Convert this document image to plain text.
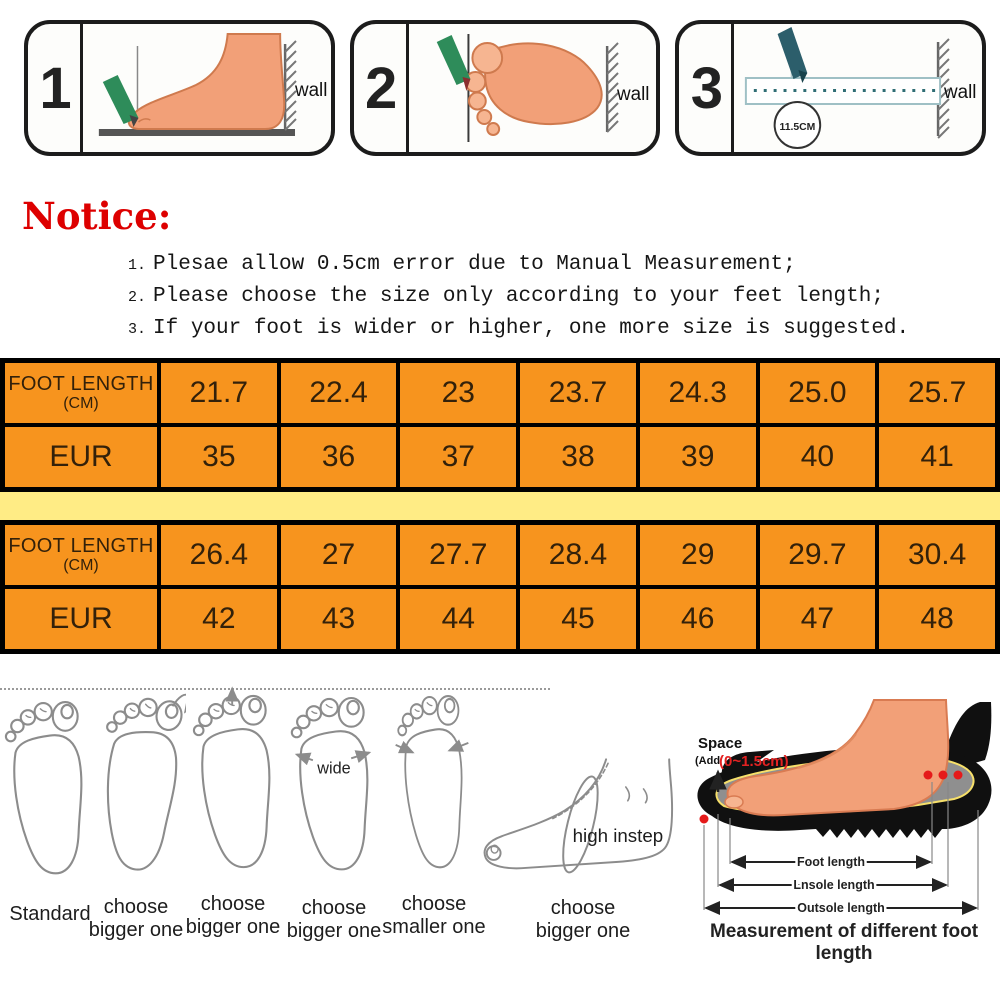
1	wall 2	wall 3
11.5CM
wall
Notice:
1. Plesae allow 0.5cm error due to Manual Measurement;
2. Please choose the size only according to your feet length;
3. If your foot is wider or higher, one more size is suggested.
FOOT LENGTH
(CM)	21.7	22.4	23	23.7	24.3	25.0	25.7
EUR	35	36	37	38	39	40	41
FOOT LENGTH
(CM)	26.4	27	27.7	28.4	29	29.7	30.4
EUR	42	43	44	45	46	47	48
wide
high instep
Standard choose bigger one
choose bigger one
choose bigger one
choose smaller one
choose bigger one
Space
(Add
(0~1.5cm)
Foot length
Lnsole length
Outsole length
Measurement of different foot length
